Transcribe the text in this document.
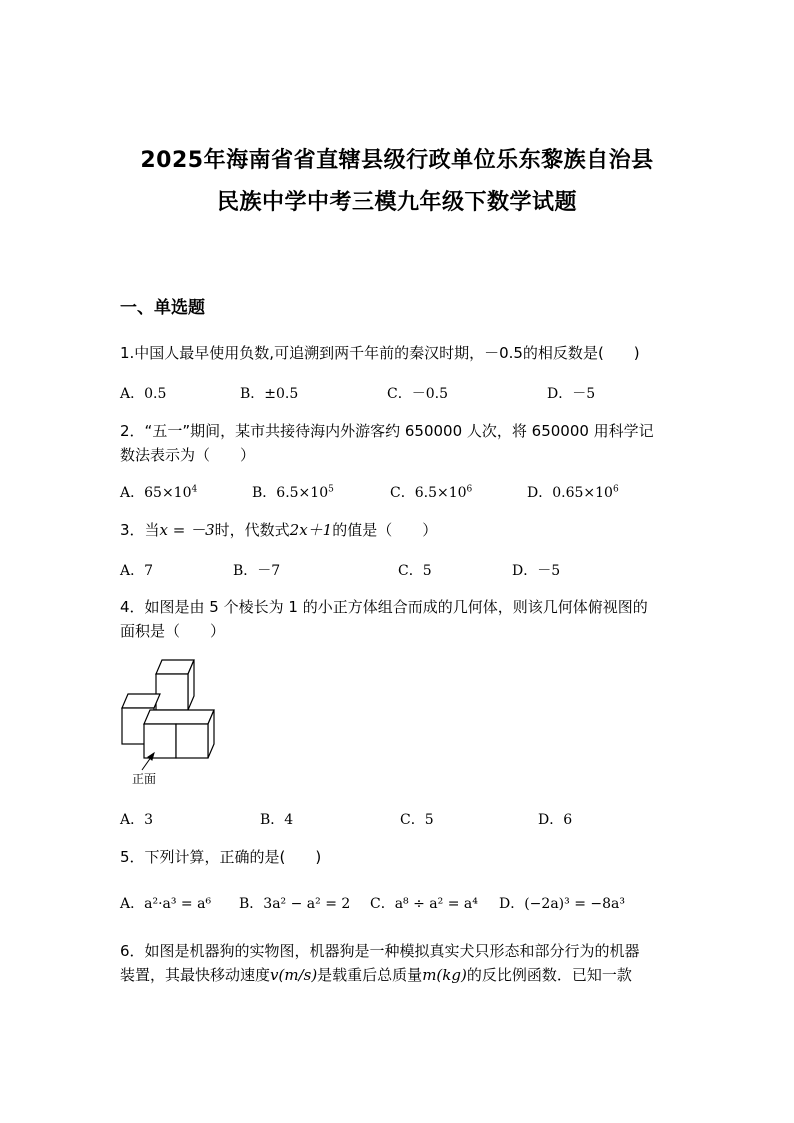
2025年海南省省直辖县级行政单位乐东黎族自治县
民族中学中考三模九年级下数学试题
一、单选题
1.中国人最早使用负数,可追溯到两千年前的秦汉时期，－0.5的相反数是(　　)
A．0.5	B．±0.5	C．－0.5	D．－5
2．“五一”期间，某市共接待海内外游客约 650000 人次，将 650000 用科学记
数法表示为（　　）
A．$65\times 10^4$	B．$6.5\times 10^5$	C．$6.5\times 10^6$	D．$0.65\times 10^6$
3．当x = －3时，代数式2x＋1的值是（　　）
A．7	B．－7	C．5	D．－5
4．如图是由 5 个棱长为 1 的小正方体组合而成的几何体，则该几何体俯视图的
面积是（　　）
正面
A．3	B．4	C．5	D．6
5．下列计算，正确的是(　　)
A．a²·a³ = a⁶ B．3a² − a² = 2 C．a⁸ ÷ a² = a⁴ D．(−2a)³ = −8a³
6．如图是机器狗的实物图，机器狗是一种模拟真实犬只形态和部分行为的机器
装置，其最快移动速度v(m/s)是载重后总质量m(kg)的反比例函数．已知一款
